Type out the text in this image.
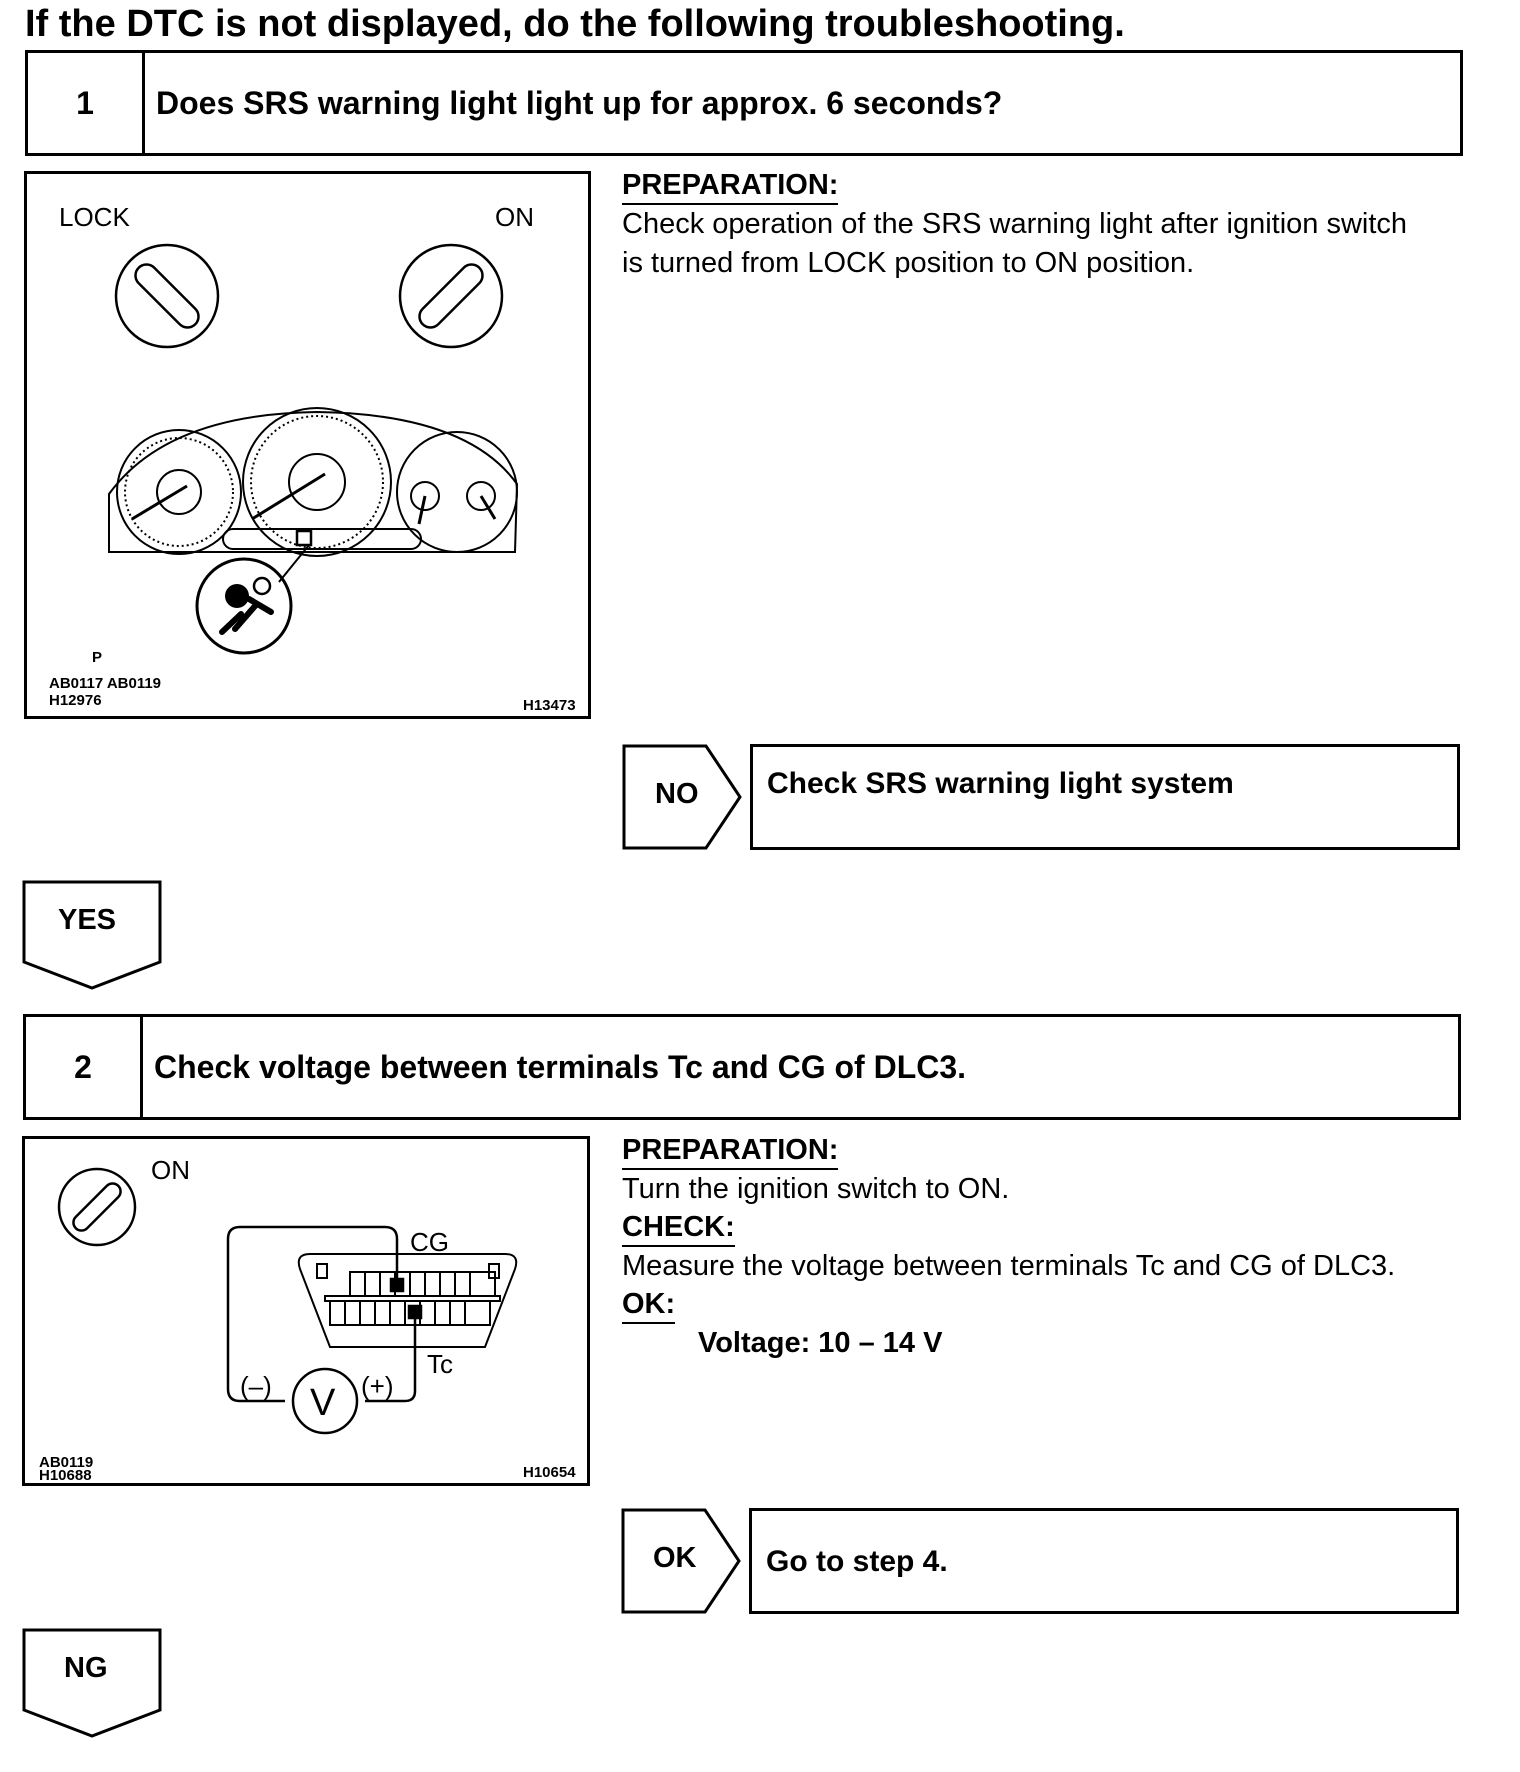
If the DTC is not displayed, do the following troubleshooting.
1	Does SRS warning light light up for approx. 6 seconds?
LOCK	ON
P
AB0117 AB0119
H12976	H13473
PREPARATION:
Check operation of the SRS warning light after ignition switch
is turned from LOCK position to ON position.
NO Check SRS warning light system
YES
2	Check voltage between terminals Tc and CG of DLC3.
ON
CG
Tc
(–)	(+)
V
AB0119
H10688	H10654
PREPARATION:
Turn the ignition switch to ON.
CHECK:
Measure the voltage between terminals Tc and CG of DLC3.
OK:
Voltage: 10 – 14 V
OK Go to step 4.
NG
